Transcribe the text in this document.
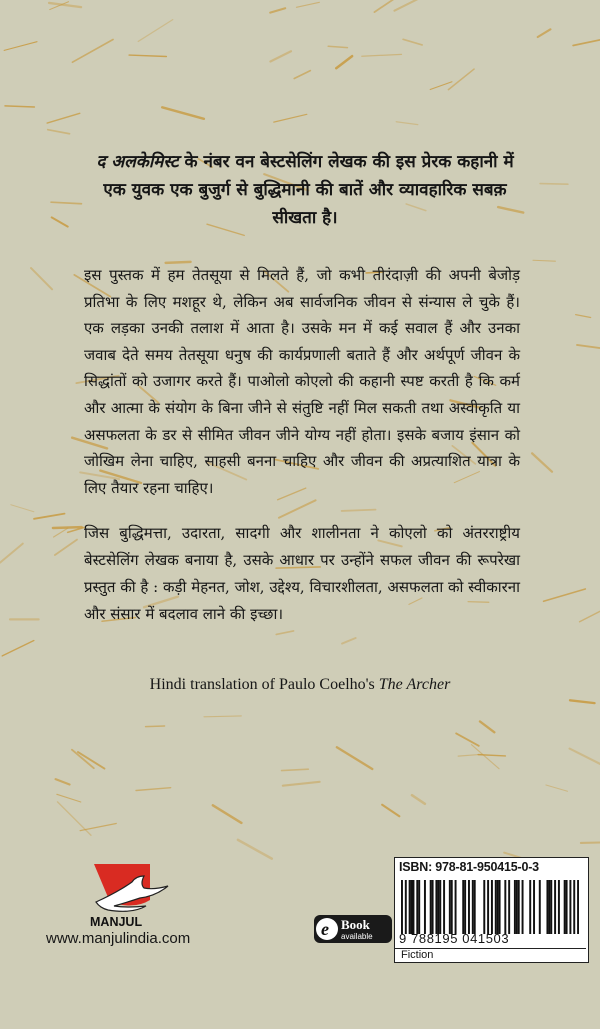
द अलकेमिस्ट के नंबर वन बेस्टसेलिंग लेखक की इस प्रेरक कहानी में एक युवक एक बुजुर्ग से बुद्धिमानी की बातें और व्यावहारिक सबक़ सीखता है।

इस पुस्तक में हम तेतसूया से मिलते हैं, जो कभी तीरंदाज़ी की अपनी बेजोड़ प्रतिभा के लिए मशहूर थे, लेकिन अब सार्वजनिक जीवन से संन्यास ले चुके हैं। एक लड़का उनकी तलाश में आता है। उसके मन में कई सवाल हैं और उनका जवाब देते समय तेतसूया धनुष की कार्यप्रणाली बताते हैं और अर्थपूर्ण जीवन के सिद्धांतों को उजागर करते हैं। पाओलो कोएलो की कहानी स्पष्ट करती है कि कर्म और आत्मा के संयोग के बिना जीने से संतुष्टि नहीं मिल सकती तथा अस्वीकृति या असफलता के डर से सीमित जीवन जीने योग्य नहीं होता। इसके बजाय इंसान को जोखिम लेना चाहिए, साहसी बनना चाहिए और जीवन की अप्रत्याशित यात्रा के लिए तैयार रहना चाहिए।

जिस बुद्धिमत्ता, उदारता, सादगी और शालीनता ने कोएलो को अंतरराष्ट्रीय बेस्टसेलिंग लेखक बनाया है, उसके आधार पर उन्होंने सफल जीवन की रूपरेखा प्रस्तुत की है : कड़ी मेहनत, जोश, उद्देश्य, विचारशीलता, असफलता को स्वीकारना और संसार में बदलाव लाने की इच्छा।

Hindi translation of Paulo Coelho's The Archer

MANJUL
www.manjulindia.com	e Book
available
ISBN: 978-81-950415-0-3
9 788195 041503
Fiction
